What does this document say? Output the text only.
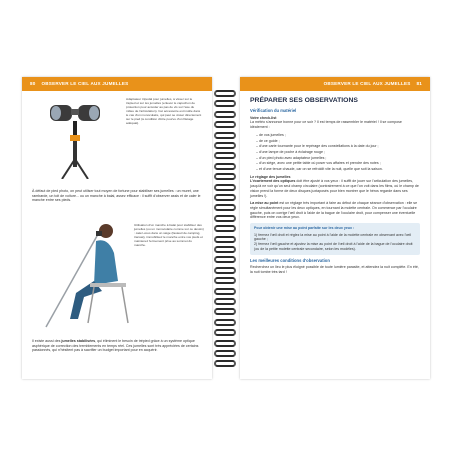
80 OBSERVER LE CIEL AUX JUMELLES
Adaptateur tripodal pour jumelles, à visser sur le trépied et sur les jumelles (enlever le capuchon de protection pour accéder au pas de vis sur l'axe du milieu de l'articulation). Cet accessoire est inutile dans le cas d'un monoculaire, qui peut se visser directement sur le pied (à condition d'être pourvu d'un filetage adéquat).
À défaut de pied photo, on peut utiliser tout moyen de fortune pour stabiliser ses jumelles : un muret, une rambarde, un toit de voiture... ou un manche à balai, assez efficace : il suffit d'observer assis et de caler le manche entre ses pieds.
Utilisation d'un manche à balai pour stabiliser des jumelles (ou un monoculaire comme sur ce dessin) : calez-vous dans un siège (fauteuil de camping, transat), immobilisez le manche entre vos pieds et maintenez fermement prise au sommet du manche.
Il existe aussi des jumelles stabilisées, qui éliminent le besoin de trépied grâce à un système optique asphérique de correction des tremblements en temps réel. Ces jumelles sont très appréciées de certains passionnés, qui n'hésitent pas à sacrifier un budget important pour en acquérir.
OBSERVER LE CIEL AUX JUMELLES 81
PRÉPARER SES OBSERVATIONS
Vérification du matériel
Votre check-list
La météo s'annonce bonne pour ce soir ? Il est temps de rassembler le matériel ! Il se compose idéalement :
– de vos jumelles ;
– de ce guide ;
– d'une carte tournante pour le repérage des constellations à la date du jour ;
– d'une lampe de poche à éclairage rouge ;
– d'un pied photo avec adaptateur jumelles ;
– d'un siège, avec une petite table où poser vos affaires et prendre des notes ;
– et d'une tenue chaude, car on se refroidit vite la nuit, quelle que soit la saison.
Le réglage des jumelles
L'écartement des optiques doit être ajusté à vos yeux : il suffit de jouer sur l'articulation des jumelles, jusqu'à ne voir qu'un seul champ circulaire (contrairement à ce que l'on voit dans les films, où le champ de vision prend la forme de deux disques juxtaposés pour bien montrer que le héros regarde dans ses jumelles !).
La mise au point est un réglage très important à faire au début de chaque séance d'observation : elle se règle simultanément pour les deux optiques, en tournant la molette centrale. On commence par l'oculaire gauche, puis on corrige l'œil droit à l'aide de la bague de l'oculaire droit, pour compenser une éventuelle différence entre vos deux yeux.
Pour obtenir une mise au point parfaite sur les deux yeux :
1) fermez l'œil droit et réglez la mise au point à l'aide de la molette centrale en observant avec l'œil gauche ;
2) fermez l'œil gauche et ajustez la mise au point de l'œil droit à l'aide de la bague de l'oculaire droit (ou de la petite molette centrale secondaire, selon les modèles).
Les meilleures conditions d'observation
Recherchez un lieu le plus éloigné possible de toute lumière parasite, et attendez la nuit complète. En été, la nuit tombe très tard !
